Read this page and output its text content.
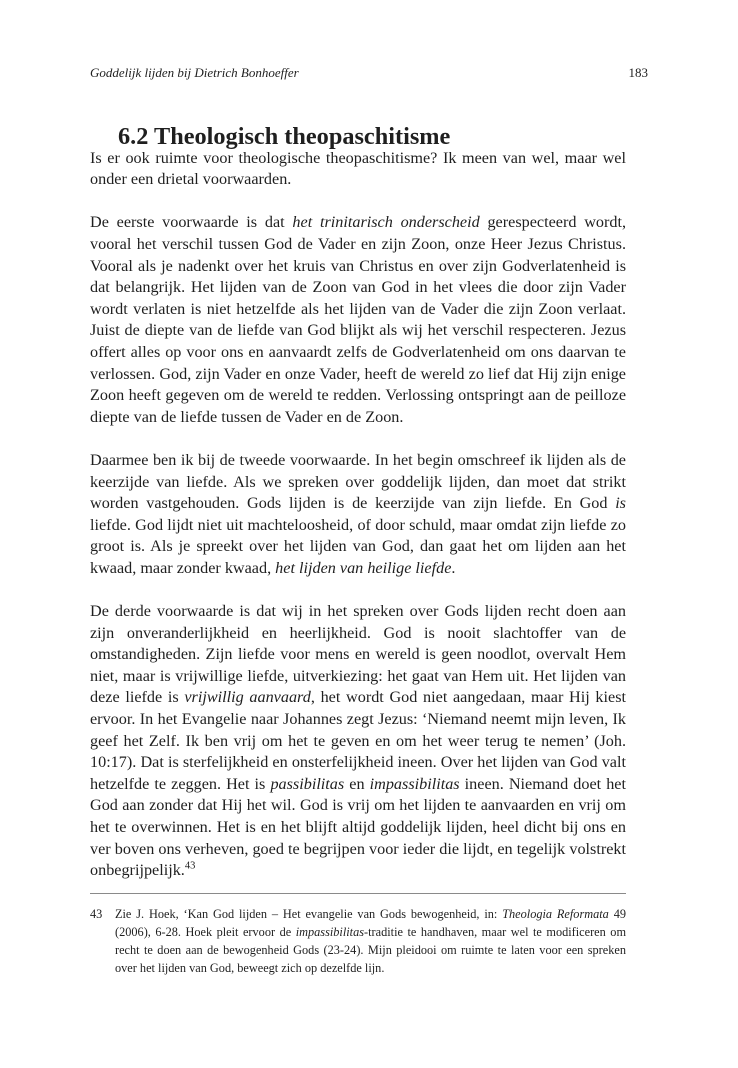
Goddelijk lijden bij Dietrich Bonhoeffer	183
6.2 Theologisch theopaschitisme

Is er ook ruimte voor theologische theopaschitisme? Ik meen van wel, maar wel onder een drietal voorwaarden.

De eerste voorwaarde is dat het trinitarisch onderscheid gerespecteerd wordt, vooral het verschil tussen God de Vader en zijn Zoon, onze Heer Jezus Christus. Vooral als je nadenkt over het kruis van Christus en over zijn Godverlatenheid is dat belangrijk. Het lijden van de Zoon van God in het vlees die door zijn Vader wordt verlaten is niet hetzelfde als het lijden van de Vader die zijn Zoon verlaat. Juist de diepte van de liefde van God blijkt als wij het verschil respecteren. Jezus offert alles op voor ons en aanvaardt zelfs de Godverlatenheid om ons daarvan te verlossen. God, zijn Vader en onze Vader, heeft de wereld zo lief dat Hij zijn enige Zoon heeft gegeven om de wereld te redden. Verlossing ontspringt aan de peilloze diepte van de liefde tussen de Vader en de Zoon.

Daarmee ben ik bij de tweede voorwaarde. In het begin omschreef ik lijden als de keerzijde van liefde. Als we spreken over goddelijk lijden, dan moet dat strikt worden vastgehouden. Gods lijden is de keerzijde van zijn liefde. En God is liefde. God lijdt niet uit machteloosheid, of door schuld, maar omdat zijn liefde zo groot is. Als je spreekt over het lijden van God, dan gaat het om lijden aan het kwaad, maar zonder kwaad, het lijden van heilige liefde.

De derde voorwaarde is dat wij in het spreken over Gods lijden recht doen aan zijn onveranderlijkheid en heerlijkheid. God is nooit slachtoffer van de omstandigheden. Zijn liefde voor mens en wereld is geen noodlot, overvalt Hem niet, maar is vrijwillige liefde, uitverkiezing: het gaat van Hem uit. Het lijden van deze liefde is vrijwillig aanvaard, het wordt God niet aangedaan, maar Hij kiest ervoor. In het Evangelie naar Johannes zegt Jezus: ‘Niemand neemt mijn leven, Ik geef het Zelf. Ik ben vrij om het te geven en om het weer terug te nemen’ (Joh. 10:17). Dat is sterfelijkheid en onsterfelijkheid ineen. Over het lijden van God valt hetzelfde te zeggen. Het is passibilitas en impassibilitas ineen. Niemand doet het God aan zonder dat Hij het wil. God is vrij om het lijden te aanvaarden en vrij om het te overwinnen. Het is en het blijft altijd goddelijk lijden, heel dicht bij ons en ver boven ons verheven, goed te begrijpen voor ieder die lijdt, en tegelijk volstrekt onbegrijpelijk.$^{43}$

43 Zie J. Hoek, ‘Kan God lijden – Het evangelie van Gods bewogenheid, in: Theologia Reformata 49 (2006), 6-28. Hoek pleit ervoor de impassibilitas-traditie te handhaven, maar wel te modificeren om recht te doen aan de bewogenheid Gods (23-24). Mijn pleidooi om ruimte te laten voor een spreken over het lijden van God, beweegt zich op dezelfde lijn.
